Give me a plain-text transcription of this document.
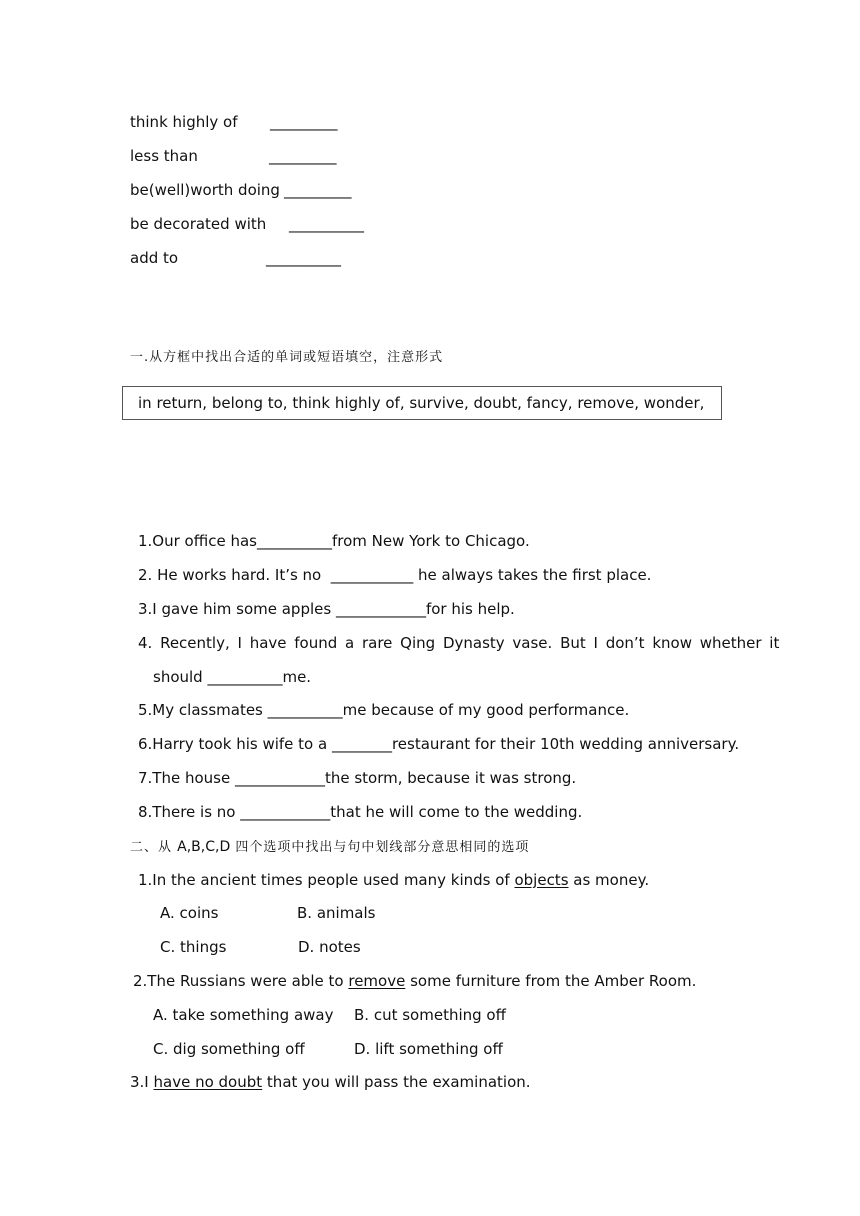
think highly of _________
less than	_________
be(well)worth doing _________
be decorated with __________
add to	__________
一.从方框中找出合适的单词或短语填空，注意形式
in return, belong to, think highly of, survive, doubt, fancy, remove, wonder,
1.Our office has__________from New York to Chicago.
2. He works hard. It’s no  ___________ he always takes the first place.
3.I gave him some apples ____________for his help.
4. Recently, I have found a rare Qing Dynasty vase. But I don’t know whether it
should __________me.
5.My classmates __________me because of my good performance.
6.Harry took his wife to a ________restaurant for their 10th wedding anniversary.
7.The house ____________the storm, because it was strong.
8.There is no ____________that he will come to the wedding.
二、从 A,B,C,D 四个选项中找出与句中划线部分意思相同的选项
1.In the ancient times people used many kinds of objects as money.
A. coins	B. animals
C. things	D. notes
2.The Russians were able to remove some furniture from the Amber Room.
A. take something away B. cut something off
C. dig something off	D. lift something off
3.I have no doubt that you will pass the examination.
